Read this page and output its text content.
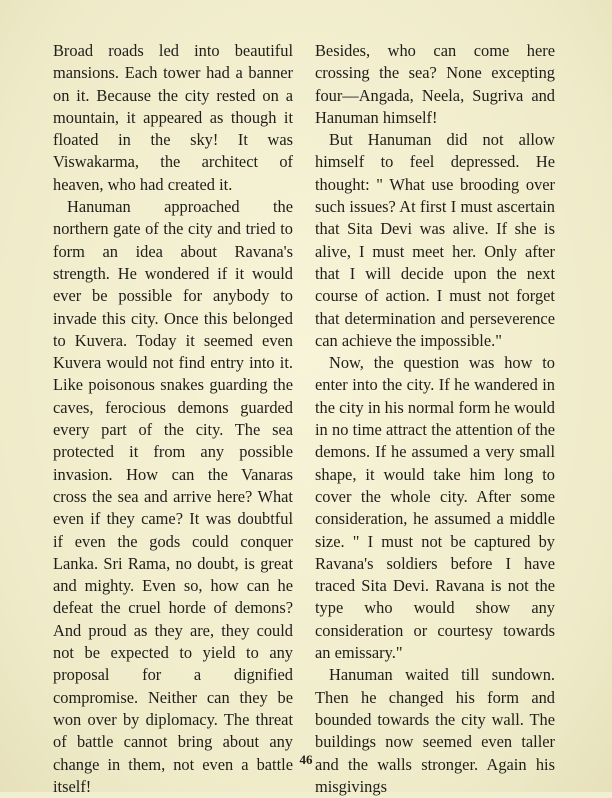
Broad roads led into beautiful mansions. Each tower had a banner on it. Because the city rested on a mountain, it appeared as though it floated in the sky! It was Viswakarma, the architect of heaven, who had created it.

Hanuman approached the northern gate of the city and tried to form an idea about Ravana's strength. He wondered if it would ever be possible for anybody to invade this city. Once this belonged to Kuvera. Today it seemed even Kuvera would not find entry into it. Like poisonous snakes guarding the caves, ferocious demons guarded every part of the city. The sea protected it from any possible invasion. How can the Vanaras cross the sea and arrive here? What even if they came? It was doubtful if even the gods could conquer Lanka. Sri Rama, no doubt, is great and mighty. Even so, how can he defeat the cruel horde of demons? And proud as they are, they could not be expected to yield to any proposal for a dignified compromise. Neither can they be won over by diplomacy. The threat of battle cannot bring about any change in them, not even a battle itself!

Besides, who can come here crossing the sea? None excepting four—Angada, Neela, Sugriva and Hanuman himself!

But Hanuman did not allow himself to feel depressed. He thought: " What use brooding over such issues? At first I must ascertain that Sita Devi was alive. If she is alive, I must meet her. Only after that I will decide upon the next course of action. I must not forget that determination and perseverence can achieve the impossible."

Now, the question was how to enter into the city. If he wandered in the city in his normal form he would in no time attract the attention of the demons. If he assumed a very small shape, it would take him long to cover the whole city. After some consideration, he assumed a middle size. " I must not be captured by Ravana's soldiers before I have traced Sita Devi. Ravana is not the type who would show any consideration or courtesy towards an emissary."

Hanuman waited till sundown. Then he changed his form and bounded towards the city wall. The buildings now seemed even taller and the walls stronger. Again his misgivings

46
